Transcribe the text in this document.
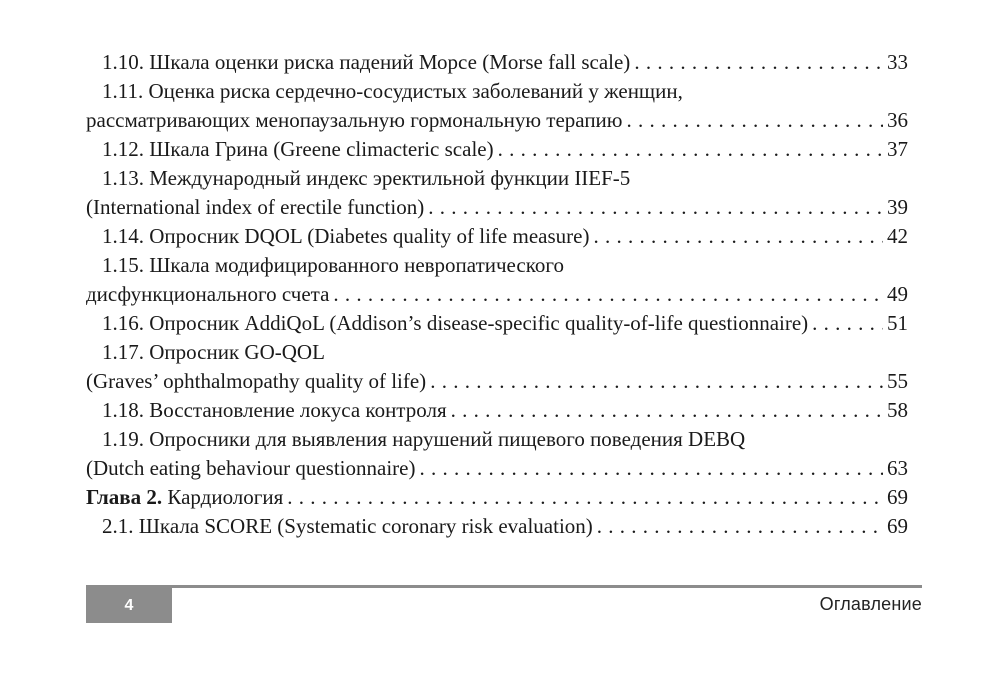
1.10. Шкала оценки риска падений Морсе (Morse fall scale) . . .	33
1.11. Оценка риска сердечно-сосудистых заболеваний у женщин,
рассматривающих менопаузальную гормональную терапию . . .	36
1.12. Шкала Грина (Greene climacteric scale) . . .	37
1.13. Международный индекс эректильной функции IIEF-5
(International index of erectile function) . . .	39
1.14. Опросник DQOL (Diabetes quality of life measure) . . .	42
1.15. Шкала модифицированного невропатического
дисфункционального счета . . .	49
1.16. Опросник AddiQoL (Addison’s disease-specific quality-of-life questionnaire) . . .	51
1.17. Опросник GO-QOL
(Graves’ ophthalmopathy quality of life) . . .	55
1.18. Восстановление локуса контроля . . .	58
1.19. Опросники для выявления нарушений пищевого поведения DEBQ
(Dutch eating behaviour questionnaire) . . .	63
Глава 2. Кардиология . . .	69
2.1. Шкала SCORE (Systematic coronary risk evaluation) . . .	69
4	Оглавление
